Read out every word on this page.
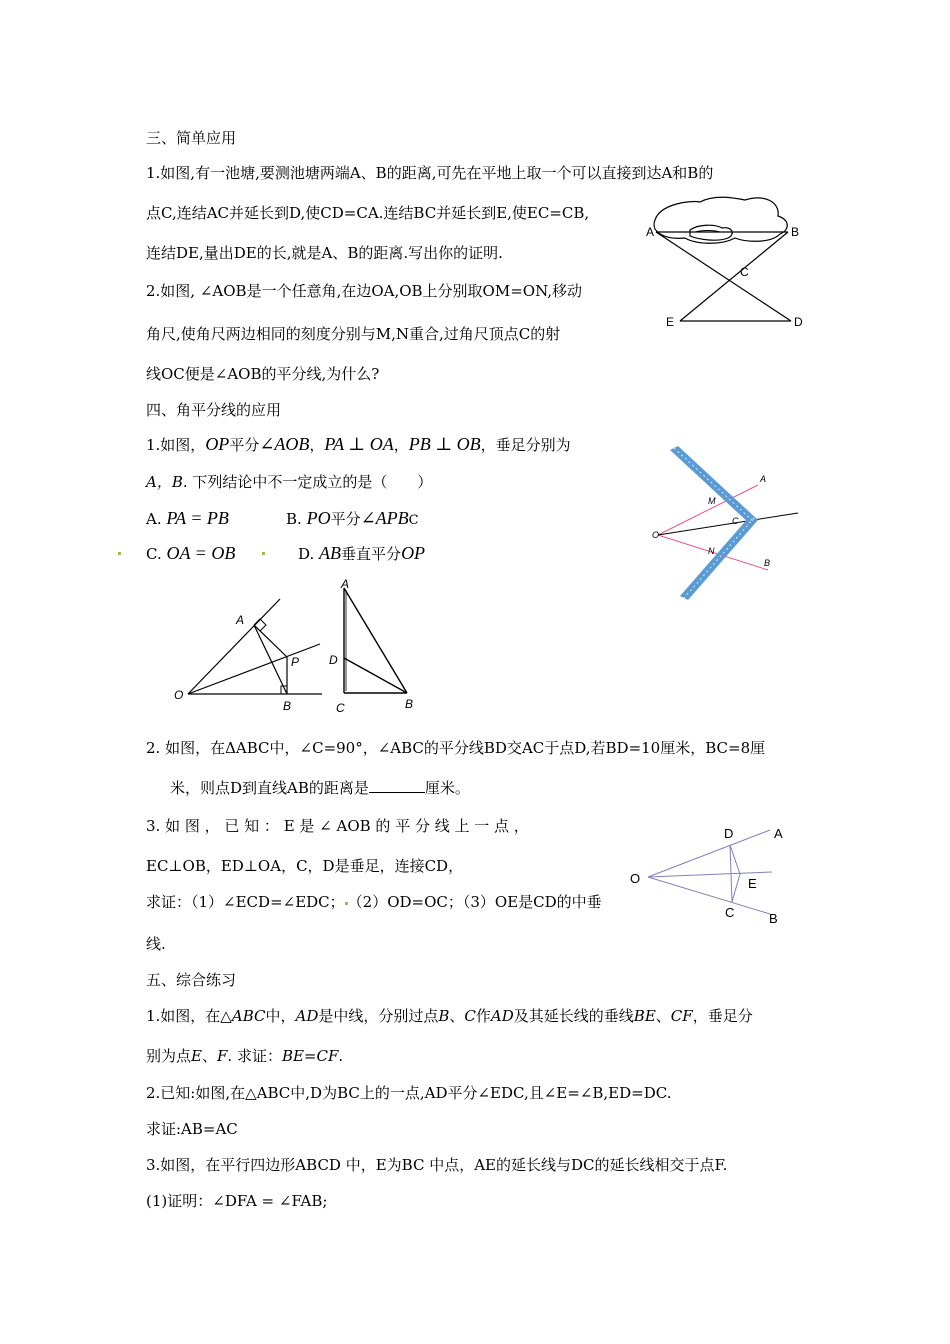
三、简单应用
1.如图,有一池塘,要测池塘两端A、B的距离,可先在平地上取一个可以直接到达A和B的
点C,连结AC并延长到D,使CD=CA.连结BC并延长到E,使EC=CB,
连结DE,量出DE的长,就是A、B的距离.写出你的证明.
2.如图, ∠AOB是一个任意角,在边OA,OB上分别取OM=ON,移动
角尺,使角尺两边相同的刻度分别与M,N重合,过角尺顶点C的射
线OC便是∠AOB的平分线,为什么?
A	B
C
E	D
四、角平分线的应用
1.如图，OP平分∠AOB，PA ⊥ OA，PB ⊥ OB，垂足分别为
A，B. 下列结论中不一定成立的是（　　）
A. PA = PB	B. PO平分∠APBC
C. OA = OB	D. AB垂直平分OP
A
M
C
O
N
B
A
P
O
B
A
D
C	B
2. 如图，在ΔABC中，∠C=90°，∠ABC的平分线BD交AC于点D,若BD=10厘米，BC=8厘
米，则点D到直线AB的距离是	厘米。
3. 如 图 ， 已 知 ： E 是 ∠ AOB 的 平 分 线 上 一 点 ，
EC⊥OB，ED⊥OA，C，D是垂足，连接CD，
求证：（1）∠ECD=∠EDC； （2）OD=OC；（3）OE是CD的中垂
线.
D	A
O	E
C	B
五、综合练习
1.如图，在△ABC中，AD是中线，分别过点B、C作AD及其延长线的垂线BE、CF，垂足分
别为点E、F. 求证：BE=CF.
2.已知:如图,在△ABC中,D为BC上的一点,AD平分∠EDC,且∠E=∠B,ED=DC.
求证:AB=AC
3.如图，在平行四边形ABCD 中，E为BC 中点，AE的延长线与DC的延长线相交于点F.
(1)证明：∠DFA = ∠FAB;
